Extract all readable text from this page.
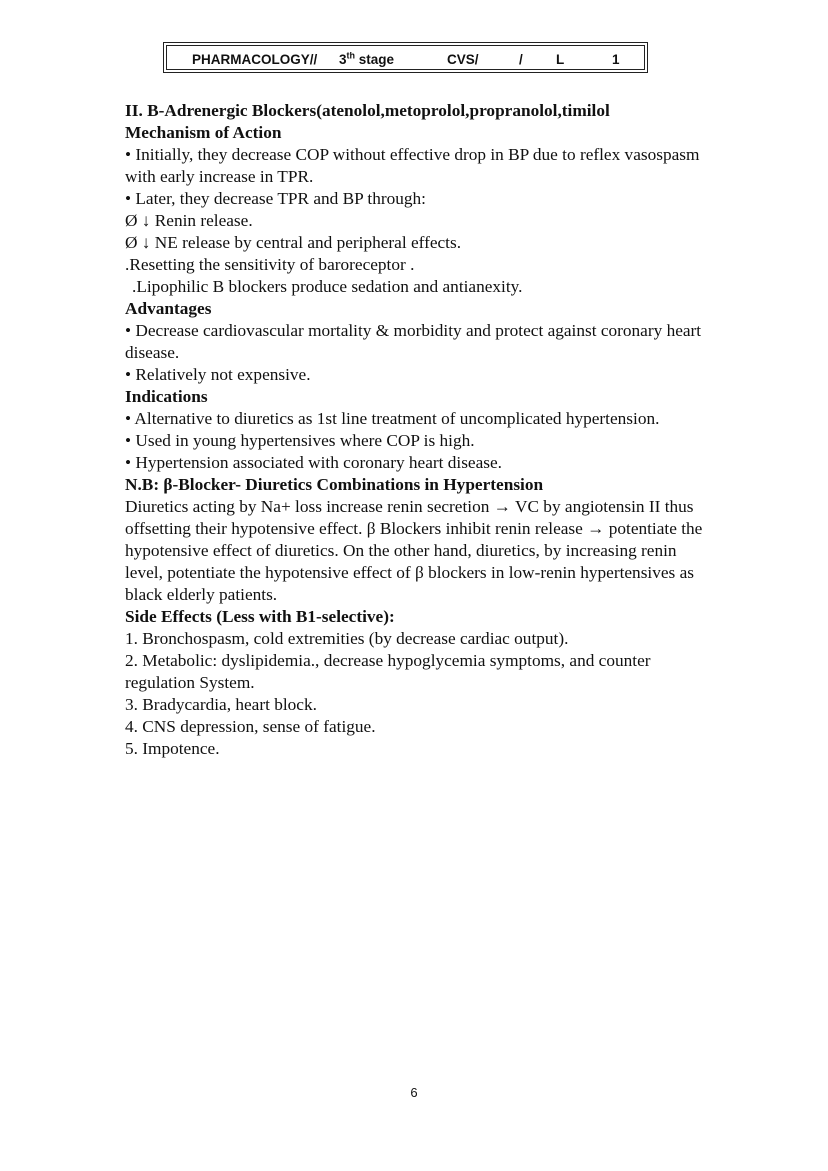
PHARMACOLOGY// 3th stage	CVS/	/ L	1

II. B-Adrenergic Blockers(atenolol,metoprolol,propranolol,timilol

Mechanism of Action

• Initially, they decrease COP without effective drop in BP due to reflex vasospasm with early increase in TPR.

• Later, they decrease TPR and BP through:

Ø ↓ Renin release.

Ø ↓ NE release by central and peripheral effects.

.Resetting the sensitivity of baroreceptor .

.Lipophilic B blockers produce sedation and antianexity.

Advantages

• Decrease cardiovascular mortality & morbidity and protect against coronary heart disease.

• Relatively not expensive.

Indications

• Alternative to diuretics as 1st line treatment of uncomplicated hypertension.

• Used in young hypertensives where COP is high.

• Hypertension associated with coronary heart disease.

N.B: β-Blocker- Diuretics Combinations in Hypertension

Diuretics acting by Na+ loss increase renin secretion → VC by angiotensin II thus offsetting their hypotensive effect. β Blockers inhibit renin release → potentiate the hypotensive effect of diuretics. On the other hand, diuretics, by increasing renin level, potentiate the hypotensive effect of β blockers in low-renin hypertensives as black elderly patients.

Side Effects (Less with B1-selective):

1. Bronchospasm, cold extremities (by decrease cardiac output).

2. Metabolic: dyslipidemia., decrease hypoglycemia symptoms, and counter regulation System.

3. Bradycardia, heart block.

4. CNS depression, sense of fatigue.

5. Impotence.

6
